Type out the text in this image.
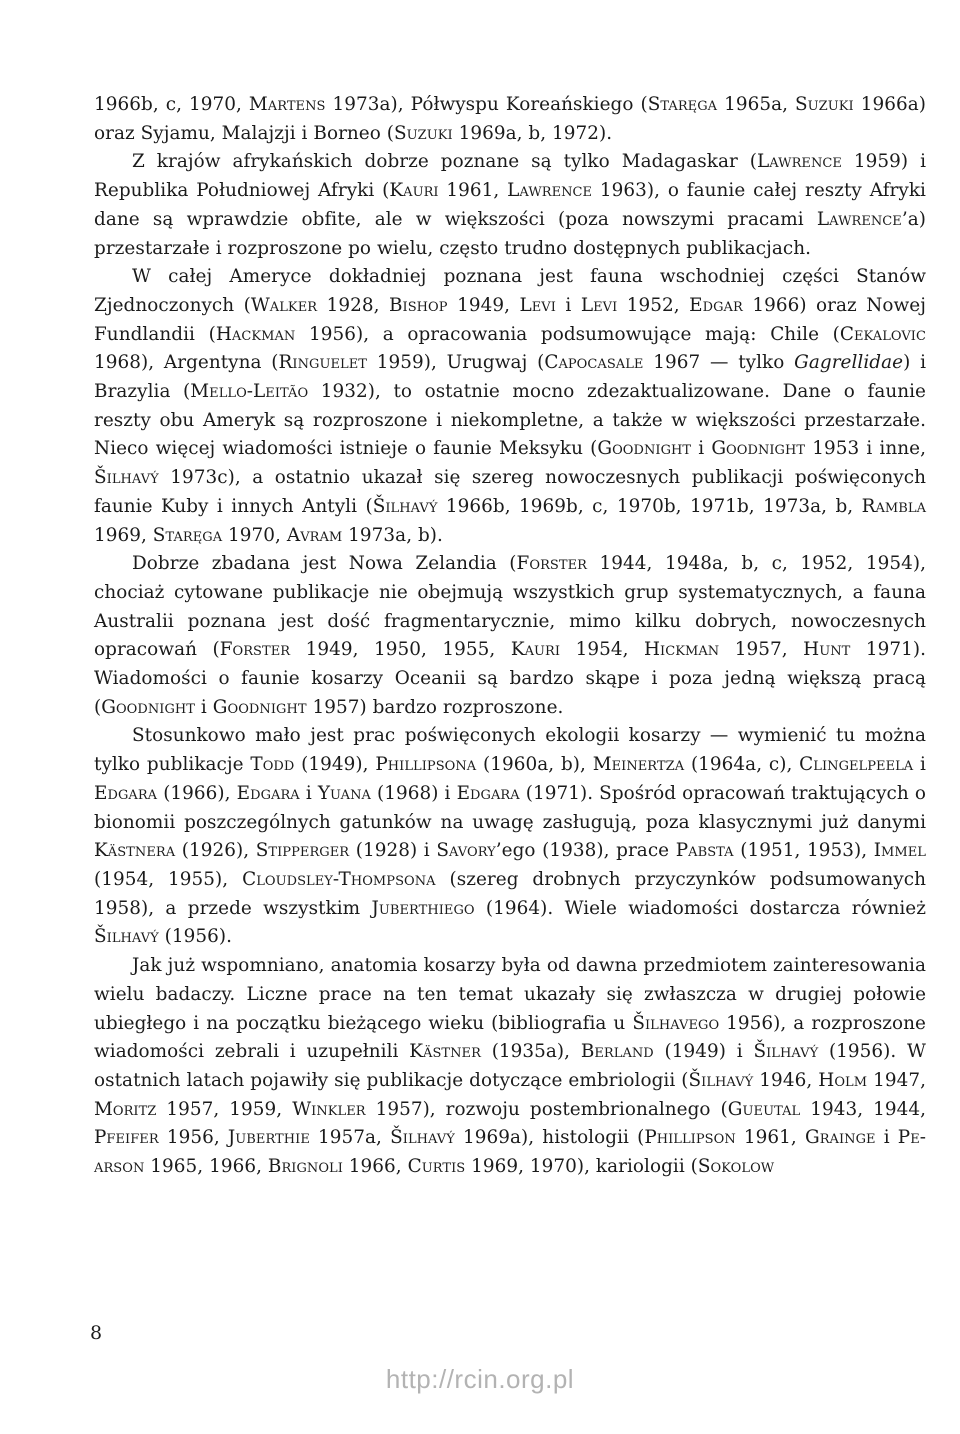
1966b, c, 1970, Martens 1973a), Półwyspu Koreańskiego (Staręga 1965a, Suzuki 1966a) oraz Syjamu, Malajzji i Borneo (Suzuki 1969a, b, 1972).

Z krajów afrykańskich dobrze poznane są tylko Madagaskar (Lawrence 1959) i Republika Południowej Afryki (Kauri 1961, Lawrence 1963), o faunie całej reszty Afryki dane są wprawdzie obfite, ale w większości (poza nowszymi pracami Lawrence’a) przestarzałe i rozproszone po wielu, często trudno dostępnych publikacjach.

W całej Ameryce dokładniej poznana jest fauna wschodniej części Stanów Zjednoczonych (Walker 1928, Bishop 1949, Levi i Levi 1952, Edgar 1966) oraz Nowej Fundlandii (Hackman 1956), a opracowania podsumowujące mają: Chile (Cekalovic 1968), Argentyna (Ringuelet 1959), Urugwaj (Capocasale 1967 — tylko Gagrellidae) i Brazylia (Mello-Leitão 1932), to ostatnie mocno zdezaktualizowane. Dane o faunie reszty obu Ameryk są rozproszone i niekompletne, a także w większości przestarzałe. Nieco więcej wiadomości istnieje o faunie Meksyku (Goodnight i Goodnight 1953 i inne, Šilhavý 1973c), a ostatnio ukazał się szereg nowoczesnych publikacji poświęconych faunie Kuby i innych Antyli (Šilhavý 1966b, 1969b, c, 1970b, 1971b, 1973a, b, Rambla 1969, Staręga 1970, Avram 1973a, b).

Dobrze zbadana jest Nowa Zelandia (Forster 1944, 1948a, b, c, 1952, 1954), chociaż cytowane publikacje nie obejmują wszystkich grup systematycznych, a fauna Australii poznana jest dość fragmentarycznie, mimo kilku dobrych, nowoczesnych opracowań (Forster 1949, 1950, 1955, Kauri 1954, Hickman 1957, Hunt 1971). Wiadomości o faunie kosarzy Oceanii są bardzo skąpe i poza jedną większą pracą (Goodnight i Goodnight 1957) bardzo rozproszone.

Stosunkowo mało jest prac poświęconych ekologii kosarzy — wymienić tu można tylko publikacje Todd (1949), Phillipsona (1960a, b), Meinertza (1964a, c), Clingelpeela i Edgara (1966), Edgara i Yuana (1968) i Edgara (1971). Spośród opracowań traktujących o bionomii poszczególnych gatunków na uwagę zasługują, poza klasycznymi już danymi Kästnera (1926), Stipperger (1928) i Savory’ego (1938), prace Pabsta (1951, 1953), Immel (1954, 1955), Cloudsley-Thompsona (szereg drobnych przyczynków podsumowanych 1958), a przede wszystkim Juberthiego (1964). Wiele wiadomości dostarcza również Šilhavý (1956).

Jak już wspomniano, anatomia kosarzy była od dawna przedmiotem zainteresowania wielu badaczy. Liczne prace na ten temat ukazały się zwłaszcza w drugiej połowie ubiegłego i na początku bieżącego wieku (bibliografia u Šilhavego 1956), a rozproszone wiadomości zebrali i uzupełnili Kästner (1935a), Berland (1949) i Šilhavý (1956). W ostatnich latach pojawiły się publikacje dotyczące embriologii (Šilhavý 1946, Holm 1947, Moritz 1957, 1959, Winkler 1957), rozwoju postembrionalnego (Gueutal 1943, 1944, Pfeifer 1956, Juberthie 1957a, Šilhavý 1969a), histologii (Phillipson 1961, Grainge i Pearson 1965, 1966, Brignoli 1966, Curtis 1969, 1970), kariologii (Sokolow

8
http://rcin.org.pl
